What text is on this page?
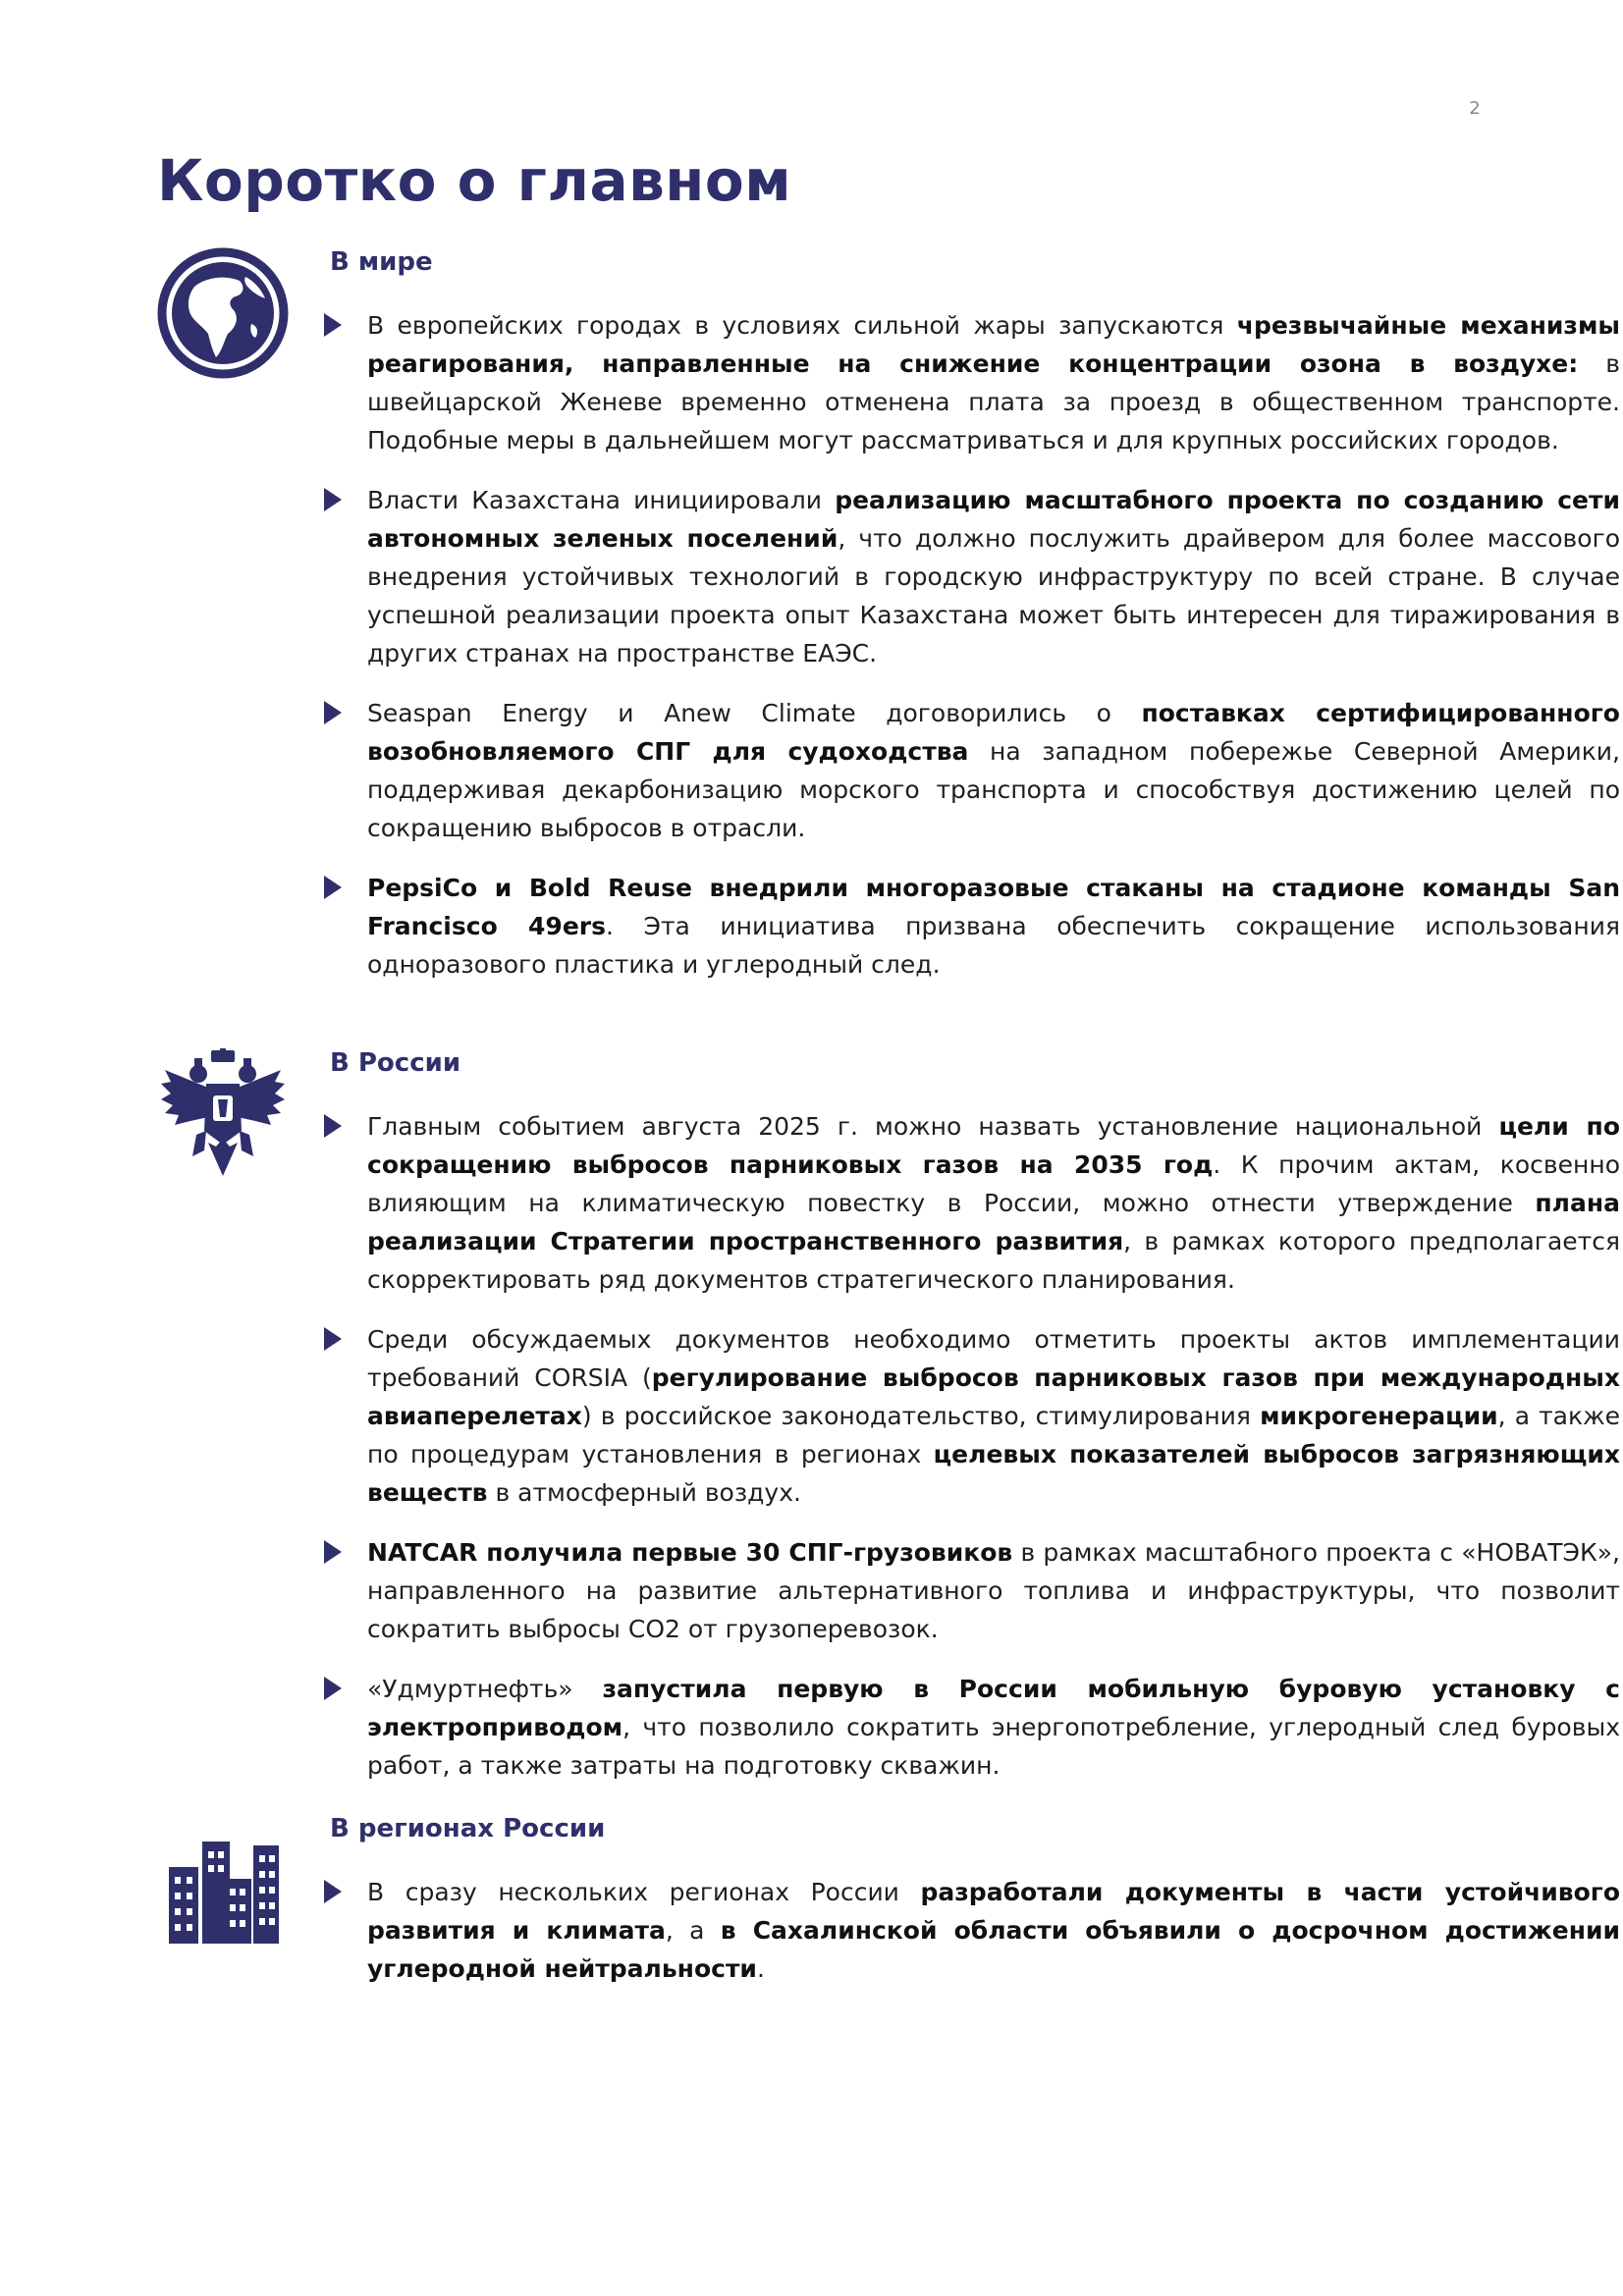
2
Коротко о главном
В мире

В европейских городах в условиях сильной жары запускаются чрезвычайные механизмы реагирования, направленные на снижение концентрации озона в воздухе: в швейцарской Женеве временно отменена плата за проезд в общественном транспорте. Подобные меры в дальнейшем могут рассматриваться и для крупных российских городов.

Власти Казахстана инициировали реализацию масштабного проекта по созданию сети автономных зеленых поселений, что должно послужить драйвером для более массового внедрения устойчивых технологий в городскую инфраструктуру по всей стране. В случае успешной реализации проекта опыт Казахстана может быть интересен для тиражирования в других странах на пространстве ЕАЭС.

Seaspan Energy и Anew Climate договорились о поставках сертифицированного возобновляемого СПГ для судоходства на западном побережье Северной Америки, поддерживая декарбонизацию морского транспорта и способствуя достижению целей по сокращению выбросов в отрасли.

PepsiCo и Bold Reuse внедрили многоразовые стаканы на стадионе команды San Francisco 49ers. Эта инициатива призвана обеспечить сокращение использования одноразового пластика и углеродный след.

В России

Главным событием августа 2025 г. можно назвать установление национальной цели по сокращению выбросов парниковых газов на 2035 год. К прочим актам, косвенно влияющим на климатическую повестку в России, можно отнести утверждение плана реализации Стратегии пространственного развития, в рамках которого предполагается скорректировать ряд документов стратегического планирования.

Среди обсуждаемых документов необходимо отметить проекты актов имплементации требований CORSIA (регулирование выбросов парниковых газов при международных авиаперелетах) в российское законодательство, стимулирования микрогенерации, а также по процедурам установления в регионах целевых показателей выбросов загрязняющих веществ в атмосферный воздух.

NATCAR получила первые 30 СПГ-грузовиков в рамках масштабного проекта с «НОВАТЭК», направленного на развитие альтернативного топлива и инфраструктуры, что позволит сократить выбросы CO2 от грузоперевозок.

«Удмуртнефть» запустила первую в России мобильную буровую установку с электроприводом, что позволило сократить энергопотребление, углеродный след буровых работ, а также затраты на подготовку скважин.

В регионах России

В сразу нескольких регионах России разработали документы в части устойчивого развития и климата, а в Сахалинской области объявили о досрочном достижении углеродной нейтральности.
